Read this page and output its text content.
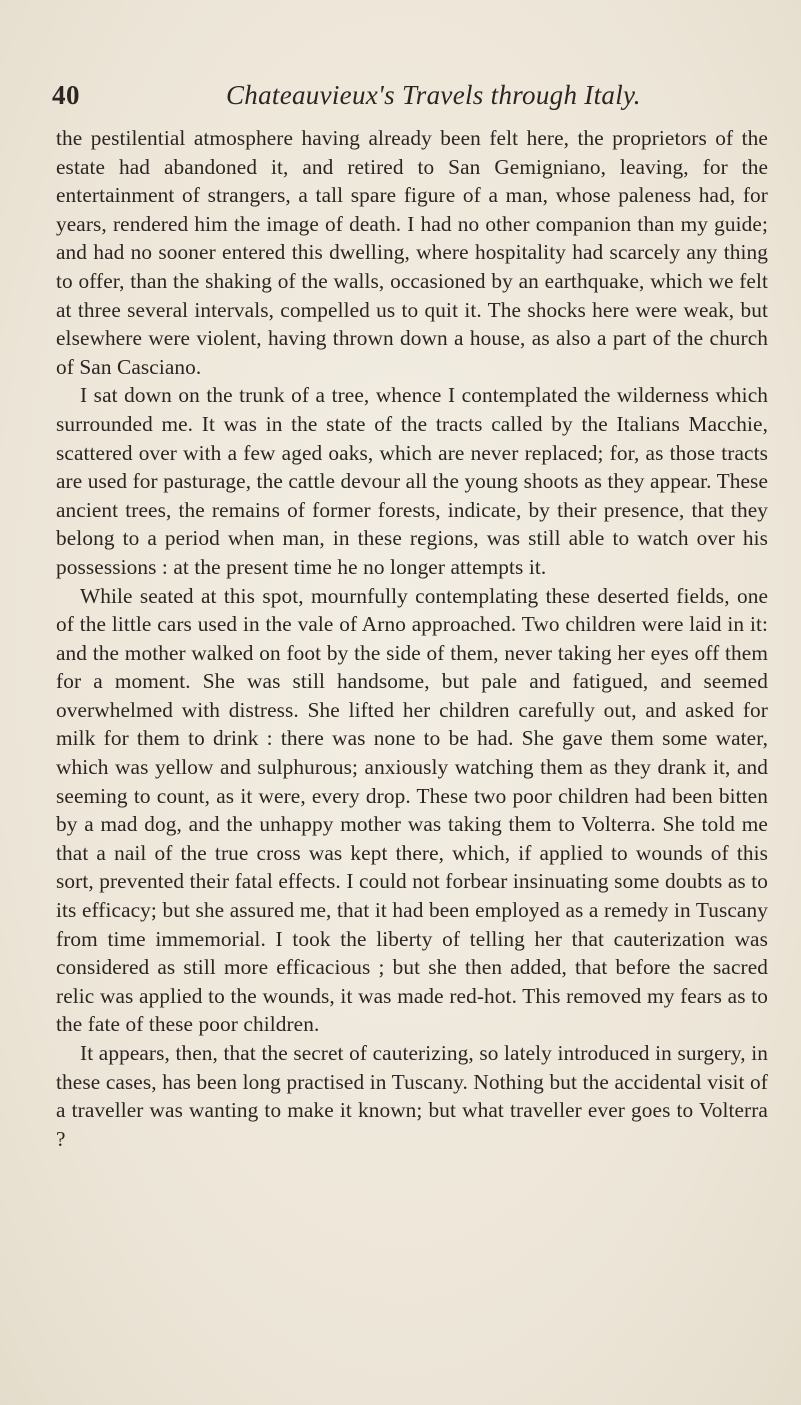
40	Chateauvieux's Travels through Italy.

the pestilential atmosphere having already been felt here, the proprietors of the estate had abandoned it, and retired to San Gemigniano, leaving, for the entertainment of strangers, a tall spare figure of a man, whose paleness had, for years, rendered him the image of death. I had no other companion than my guide; and had no sooner entered this dwelling, where hospitality had scarcely any thing to offer, than the shaking of the walls, occasioned by an earthquake, which we felt at three several intervals, compelled us to quit it. The shocks here were weak, but elsewhere were violent, having thrown down a house, as also a part of the church of San Casciano.

I sat down on the trunk of a tree, whence I contemplated the wilderness which surrounded me. It was in the state of the tracts called by the Italians Macchie, scattered over with a few aged oaks, which are never replaced; for, as those tracts are used for pasturage, the cattle devour all the young shoots as they appear. These ancient trees, the remains of former forests, indicate, by their presence, that they belong to a period when man, in these regions, was still able to watch over his possessions : at the present time he no longer attempts it.

While seated at this spot, mournfully contemplating these deserted fields, one of the little cars used in the vale of Arno approached. Two children were laid in it: and the mother walked on foot by the side of them, never taking her eyes off them for a moment. She was still handsome, but pale and fatigued, and seemed overwhelmed with distress. She lifted her children carefully out, and asked for milk for them to drink : there was none to be had. She gave them some water, which was yellow and sulphurous; anxiously watching them as they drank it, and seeming to count, as it were, every drop. These two poor children had been bitten by a mad dog, and the unhappy mother was taking them to Volterra. She told me that a nail of the true cross was kept there, which, if applied to wounds of this sort, prevented their fatal effects. I could not forbear insinuating some doubts as to its efficacy; but she assured me, that it had been employed as a remedy in Tuscany from time immemorial. I took the liberty of telling her that cauterization was considered as still more efficacious ; but she then added, that before the sacred relic was applied to the wounds, it was made red-hot. This removed my fears as to the fate of these poor children.

It appears, then, that the secret of cauterizing, so lately introduced in surgery, in these cases, has been long practised in Tuscany. Nothing but the accidental visit of a traveller was wanting to make it known; but what traveller ever goes to Volterra ?
